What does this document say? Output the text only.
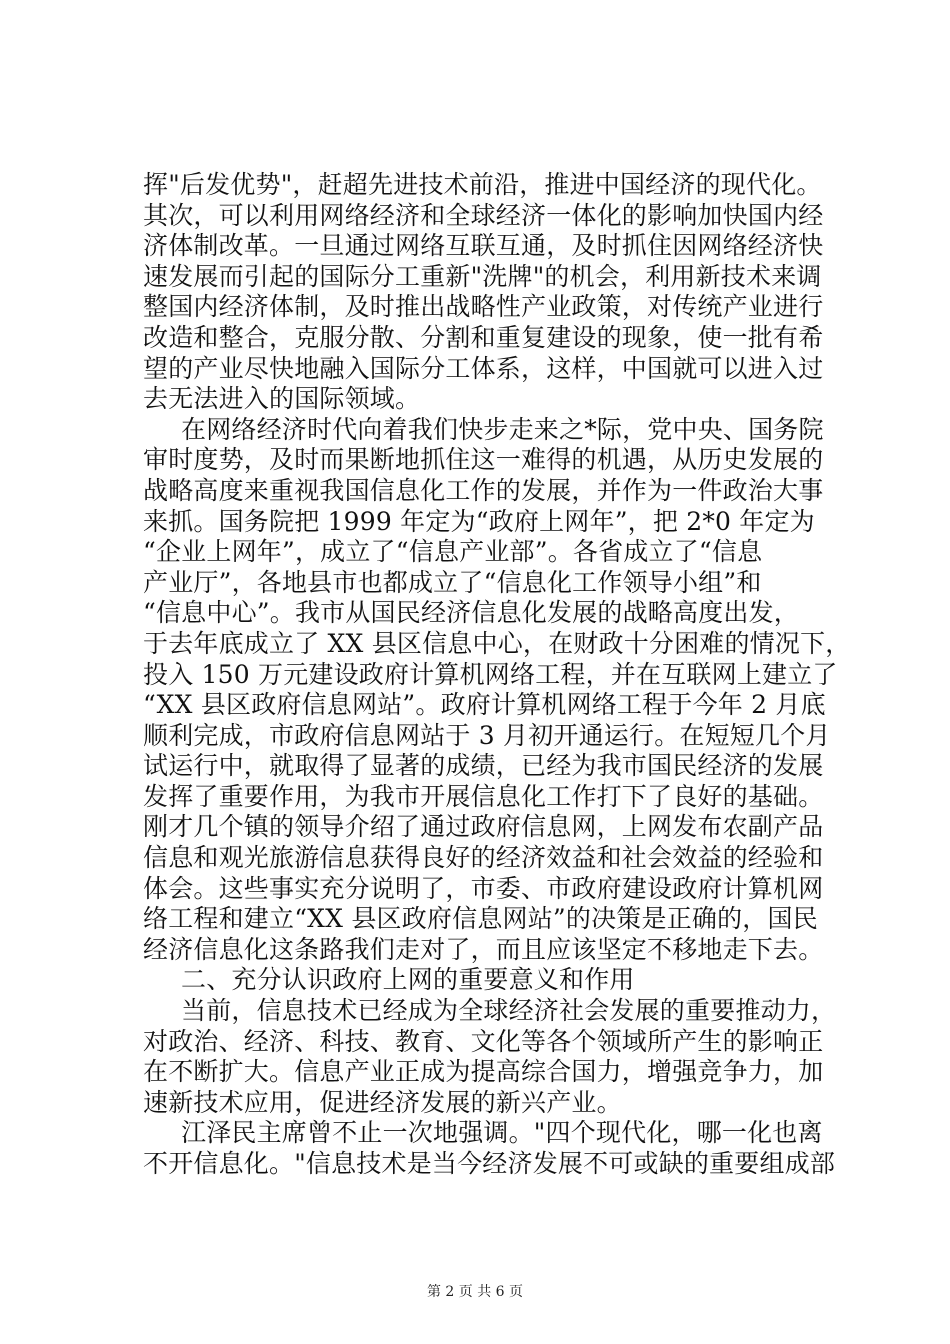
挥"后发优势"，赶超先进技术前沿，推进中国经济的现代化。
其次，可以利用网络经济和全球经济一体化的影响加快国内经
济体制改革。一旦通过网络互联互通，及时抓住因网络经济快
速发展而引起的国际分工重新"洗牌"的机会，利用新技术来调
整国内经济体制，及时推出战略性产业政策，对传统产业进行
改造和整合，克服分散、分割和重复建设的现象，使一批有希
望的产业尽快地融入国际分工体系，这样，中国就可以进入过
去无法进入的国际领域。
在网络经济时代向着我们快步走来之*际，党中央、国务院
审时度势，及时而果断地抓住这一难得的机遇，从历史发展的
战略高度来重视我国信息化工作的发展，并作为一件政治大事
来抓。国务院把 1999 年定为“政府上网年”，把 2*0 年定为
“企业上网年”，成立了“信息产业部”。各省成立了“信息
产业厅”，各地县市也都成立了“信息化工作领导小组”和
“信息中心”。我市从国民经济信息化发展的战略高度出发，
于去年底成立了 XX 县区信息中心，在财政十分困难的情况下，
投入 150 万元建设政府计算机网络工程，并在互联网上建立了
“XX 县区政府信息网站”。政府计算机网络工程于今年 2 月底
顺利完成，市政府信息网站于 3 月初开通运行。在短短几个月
试运行中，就取得了显著的成绩，已经为我市国民经济的发展
发挥了重要作用，为我市开展信息化工作打下了良好的基础。
刚才几个镇的领导介绍了通过政府信息网，上网发布农副产品
信息和观光旅游信息获得良好的经济效益和社会效益的经验和
体会。这些事实充分说明了，市委、市政府建设政府计算机网
络工程和建立“XX 县区政府信息网站”的决策是正确的，国民
经济信息化这条路我们走对了，而且应该坚定不移地走下去。
二、充分认识政府上网的重要意义和作用
当前，信息技术已经成为全球经济社会发展的重要推动力，
对政治、经济、科技、教育、文化等各个领域所产生的影响正
在不断扩大。信息产业正成为提高综合国力，增强竞争力，加
速新技术应用，促进经济发展的新兴产业。
江泽民主席曾不止一次地强调。"四个现代化，哪一化也离
不开信息化。"信息技术是当今经济发展不可或缺的重要组成部
第 2 页 共 6 页
